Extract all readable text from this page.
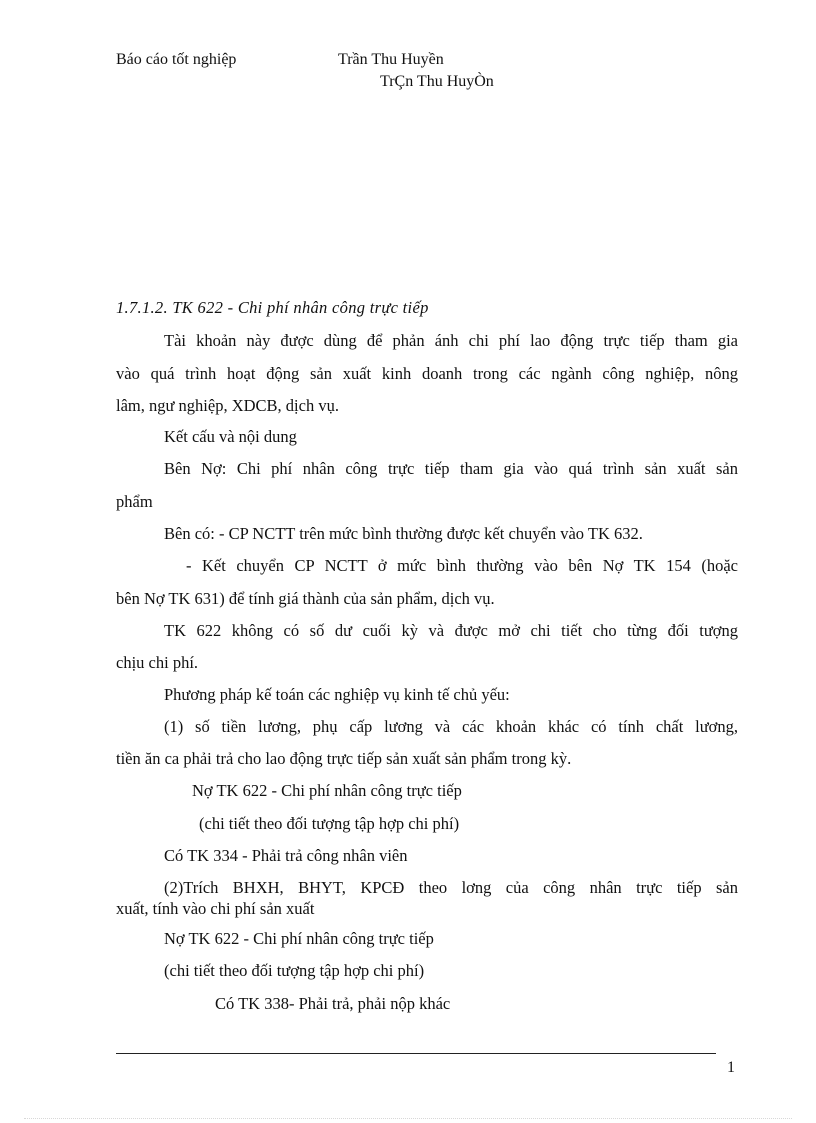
Báo cáo tốt nghiệp	Trần Thu Huyền
TrÇn Thu HuyÒn
1.7.1.2. TK 622 - Chi phí nhân công trực tiếp
Tài khoản này được dùng để phản ánh chi phí lao động trực tiếp tham gia
vào quá trình hoạt động sản xuất kinh doanh trong các ngành công nghiệp, nông
lâm, ngư nghiệp, XDCB, dịch vụ.
Kết cấu và nội dung
Bên Nợ: Chi phí nhân công trực tiếp tham gia vào quá trình sản xuất sản
phẩm
Bên có: - CP NCTT trên mức bình thường được kết chuyển vào TK 632.
- Kết chuyển CP NCTT ở mức bình thường vào bên Nợ TK 154 (hoặc
bên Nợ TK 631) để tính giá thành của sản phẩm, dịch vụ.
TK 622 không có số dư cuối kỳ và được mở chi tiết cho từng đối tượng
chịu chi phí.
Phương pháp kế toán các nghiệp vụ kinh tế chủ yếu:
(1) số tiền lương, phụ cấp lương và các khoản khác có tính chất lương,
tiền ăn ca phải trả cho lao động trực tiếp sản xuất sản phẩm trong kỳ.
Nợ TK 622 - Chi phí nhân công trực tiếp
(chi tiết theo đối tượng tập hợp chi phí)
Có TK 334 - Phải trả công nhân viên
(2)Trích BHXH, BHYT, KPCĐ theo lơng của công nhân trực tiếp sản
xuất, tính vào chi phí sản xuất
Nợ TK 622 - Chi phí nhân công trực tiếp
(chi tiết theo đối tượng tập hợp chi phí)
Có TK 338- Phải trả, phải nộp khác
1
